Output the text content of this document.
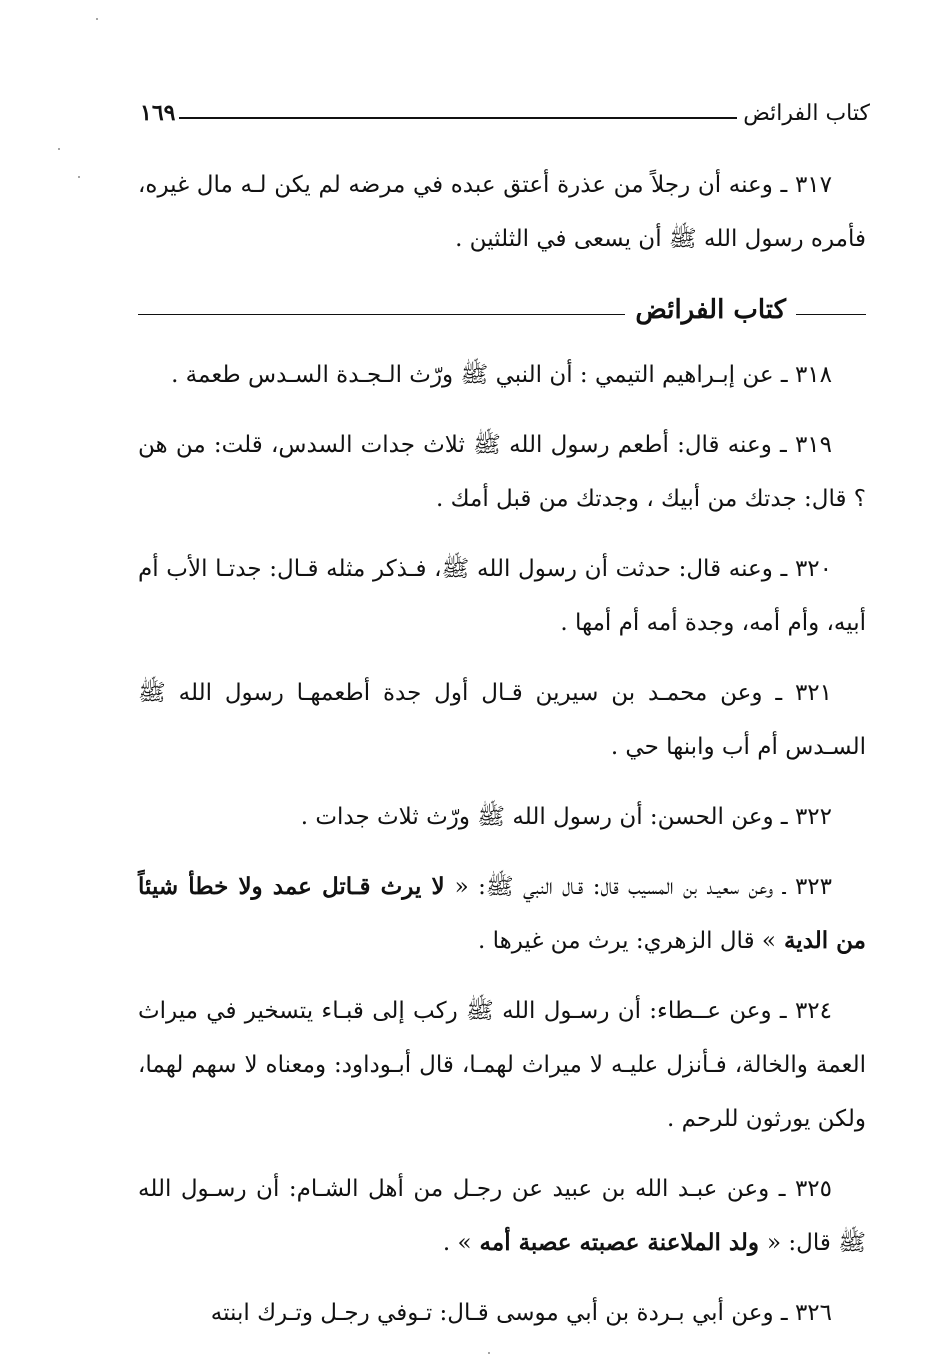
كتاب الفرائض
١٦٩

٣١٧ ـ وعنه أن رجلاً من عذرة أعتق عبده في مرضه لم يكن لـه مال غيره، فأمره رسول الله ﷺ أن يسعى في الثلثين .

كتاب الفرائض

٣١٨ ـ عن إبـراهيم التيمي : أن النبي ﷺ ورّث الـجـدة السـدس طعمة .

٣١٩ ـ وعنه قال: أطعم رسول الله ﷺ ثلاث جدات السدس، قلت: من هن ؟ قال: جدتك من أبيك ، وجدتك من قبل أمك .

٣٢٠ ـ وعنه قال: حدثت أن رسول الله ﷺ، فـذكر مثله قـال: جدتـا الأب أم أبيه، وأم أمه، وجدة أمه أم أمها .

٣٢١ ـ وعن محمـد بن سيرين قـال أول جدة أطعمهـا رسول الله ﷺ السـدس أم أب وابنها حي .

٣٢٢ ـ وعن الحسن: أن رسول الله ﷺ ورّث ثلاث جدات .

٣٢٣ ـ وعن سعيـد بن المسيب قال: قـال النبي ﷺ: « لا يرث قـاتل عمد ولا خطأ شيئاً من الدية » قال الزهري: يرث من غيرها .

٣٢٤ ـ وعن عــطاء: أن رسـول الله ﷺ ركب إلى قبـاء يتسخير في ميراث العمة والخالة، فـأنزل عليـه لا ميراث لهمـا، قال أبـوداود: ومعناه لا سهم لهما، ولكن يورثون للرحم .

٣٢٥ ـ وعن عبـد الله بن عبيد عن رجـل من أهل الشـام: أن رسـول الله ﷺ قال: « ولد الملاعنة عصبته عصبة أمه » .

٣٢٦ ـ وعن أبي بـردة بن أبي موسى قـال: تـوفي رجـل وتـرك ابنته
